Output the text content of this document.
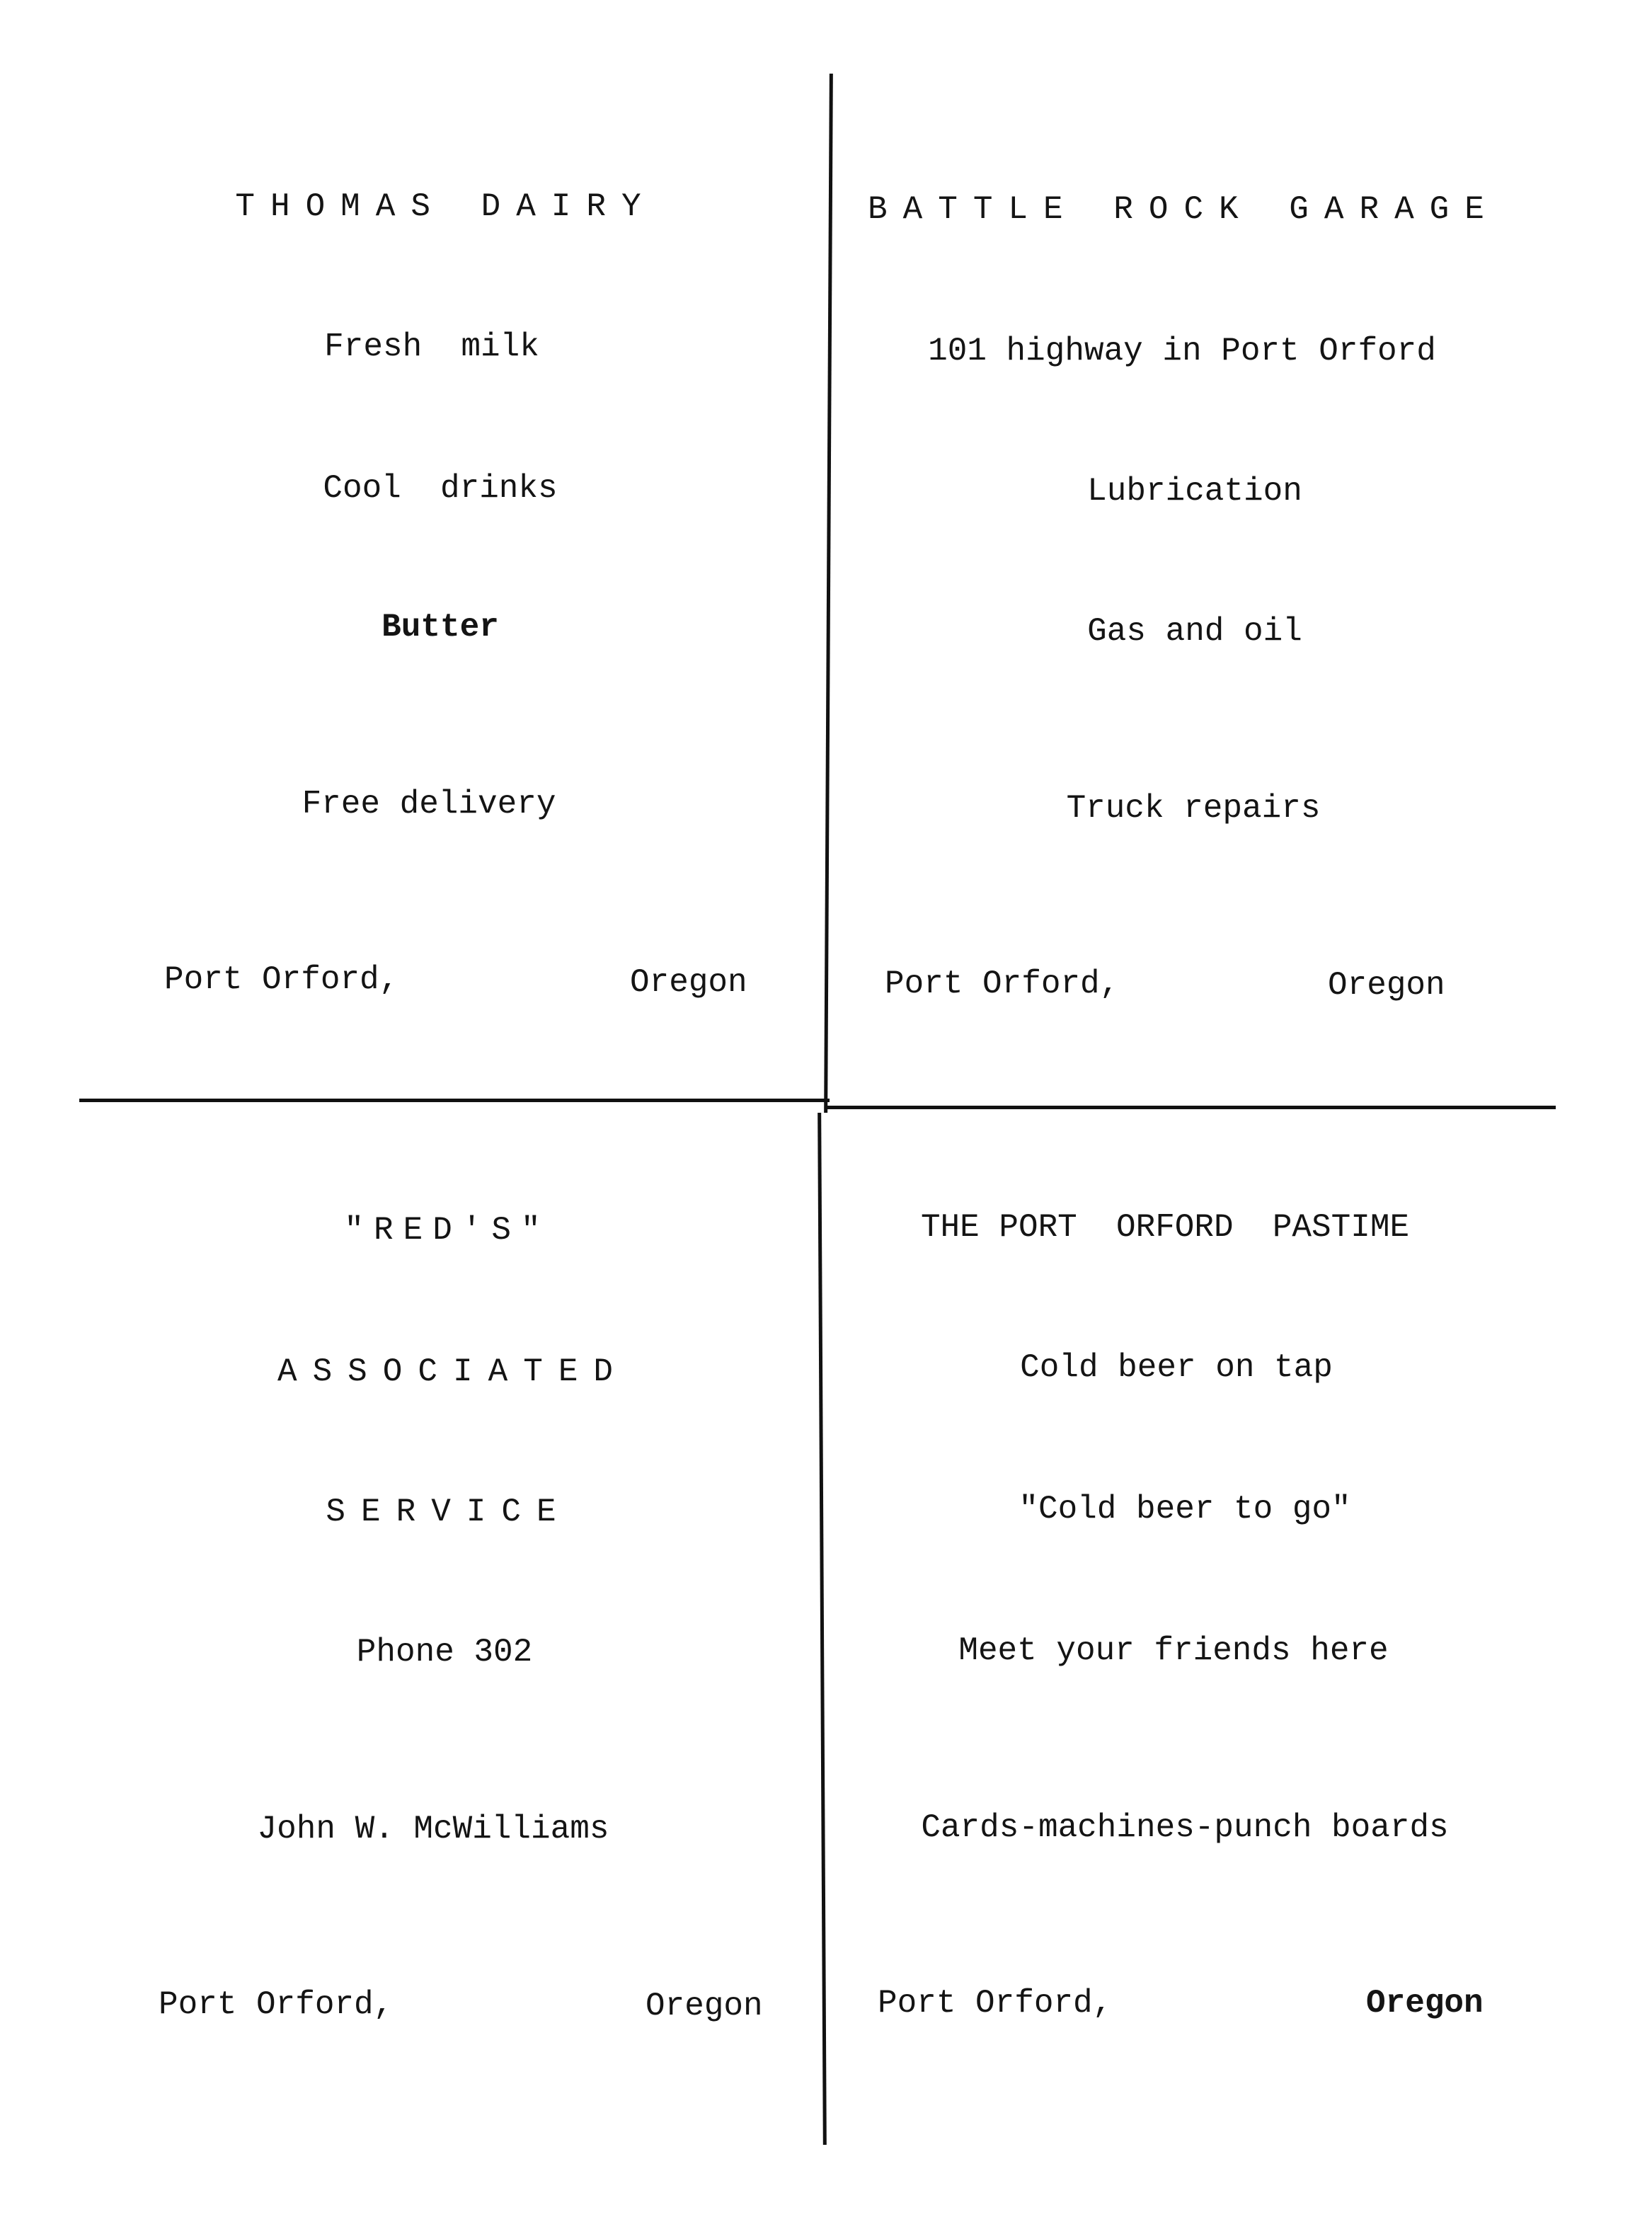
THOMAS DAIRY

Fresh  milk

Cool  drinks

Butter

Free delivery

Port Orford,	Oregon

BATTLE ROCK GARAGE

101 highway in Port Orford

Lubrication

Gas and oil

Truck repairs

Port Orford,	Oregon

"RED'S"

ASSOCIATED

SERVICE

Phone 302

John W. McWilliams

Port Orford,	Oregon

THE PORT  ORFORD  PASTIME

Cold beer on tap

"Cold beer to go"

Meet your friends here

Cards-machines-punch boards

Port Orford,	Oregon
